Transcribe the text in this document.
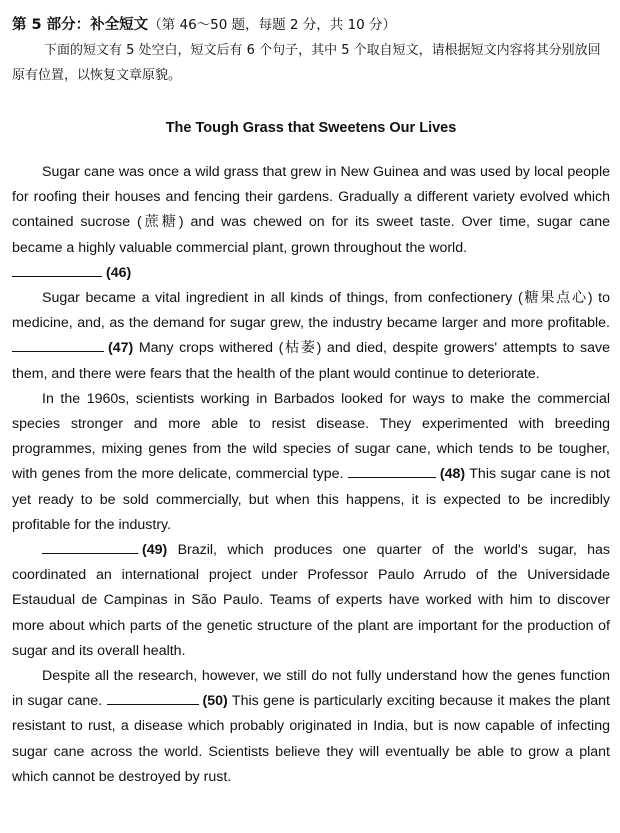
第 5 部分：补全短文（第 46～50 题，每题 2 分，共 10 分）

下面的短文有 5 处空白，短文后有 6 个句子，其中 5 个取自短文，请根据短文内容将其分别放回原有位置，以恢复文章原貌。

The Tough Grass that Sweetens Our Lives

Sugar cane was once a wild grass that grew in New Guinea and was used by local people for roofing their houses and fencing their gardens. Gradually a different variety evolved which contained sucrose (蔗糖) and was chewed on for its sweet taste. Over time, sugar cane became a highly valuable commercial plant, grown throughout the world.

(46)

Sugar became a vital ingredient in all kinds of things, from confectionery (糖果点心) to medicine, and, as the demand for sugar grew, the industry became larger and more profitable. (47) Many crops withered (枯萎) and died, despite growers' attempts to save them, and there were fears that the health of the plant would continue to deteriorate.

In the 1960s, scientists working in Barbados looked for ways to make the commercial species stronger and more able to resist disease. They experimented with breeding programmes, mixing genes from the wild species of sugar cane, which tends to be tougher, with genes from the more delicate, commercial type.	(48) This sugar cane is not yet ready to be sold commercially, but when this happens, it is expected to be incredibly profitable for the industry.

(49) Brazil, which produces one quarter of the world's sugar, has coordinated an international project under Professor Paulo Arrudo of the Universidade Estaudual de Campinas in São Paulo. Teams of experts have worked with him to discover more about which parts of the genetic structure of the plant are important for the production of sugar and its overall health.

Despite all the research, however, we still do not fully understand how the genes function in sugar cane.	(50) This gene is particularly exciting because it makes the plant resistant to rust, a disease which probably originated in India, but is now capable of infecting sugar cane across the world. Scientists believe they will eventually be able to grow a plant which cannot be destroyed by rust.
